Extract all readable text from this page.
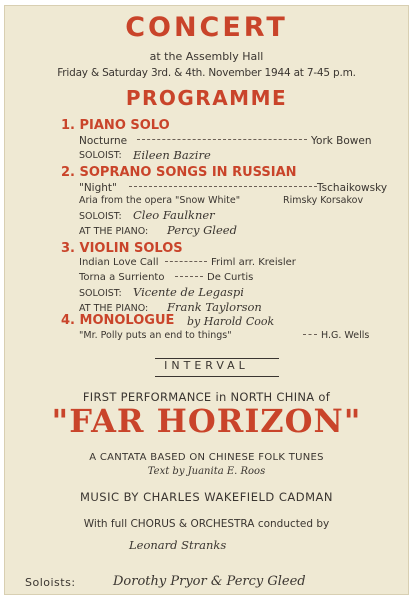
CONCERT
at the Assembly Hall
Friday & Saturday 3rd. & 4th. November 1944 at 7-45 p.m.
PROGRAMME
1. PIANO SOLO
Nocturne	York Bowen
SOLOIST: Eileen Bazire
2. SOPRANO SONGS IN RUSSIAN
"Night"	Tschaikowsky
Aria from the opera "Snow White"	Rimsky Korsakov
SOLOIST: Cleo Faulkner
AT THE PIANO: Percy Gleed
3. VIOLIN SOLOS
Indian Love Call	Friml arr. Kreisler
Torna a Surriento	De Curtis
SOLOIST: Vicente de Legaspi
AT THE PIANO: Frank Taylorson
4. MONOLOGUE by Harold Cook
"Mr. Polly puts an end to things"	H.G. Wells
INTERVAL
FIRST PERFORMANCE in NORTH CHINA of
"FAR HORIZON"
A CANTATA BASED ON CHINESE FOLK TUNES
Text by Juanita E. Roos
MUSIC BY CHARLES WAKEFIELD CADMAN
With full CHORUS & ORCHESTRA conducted by
Leonard Stranks
Soloists:	Dorothy Pryor & Percy Gleed
